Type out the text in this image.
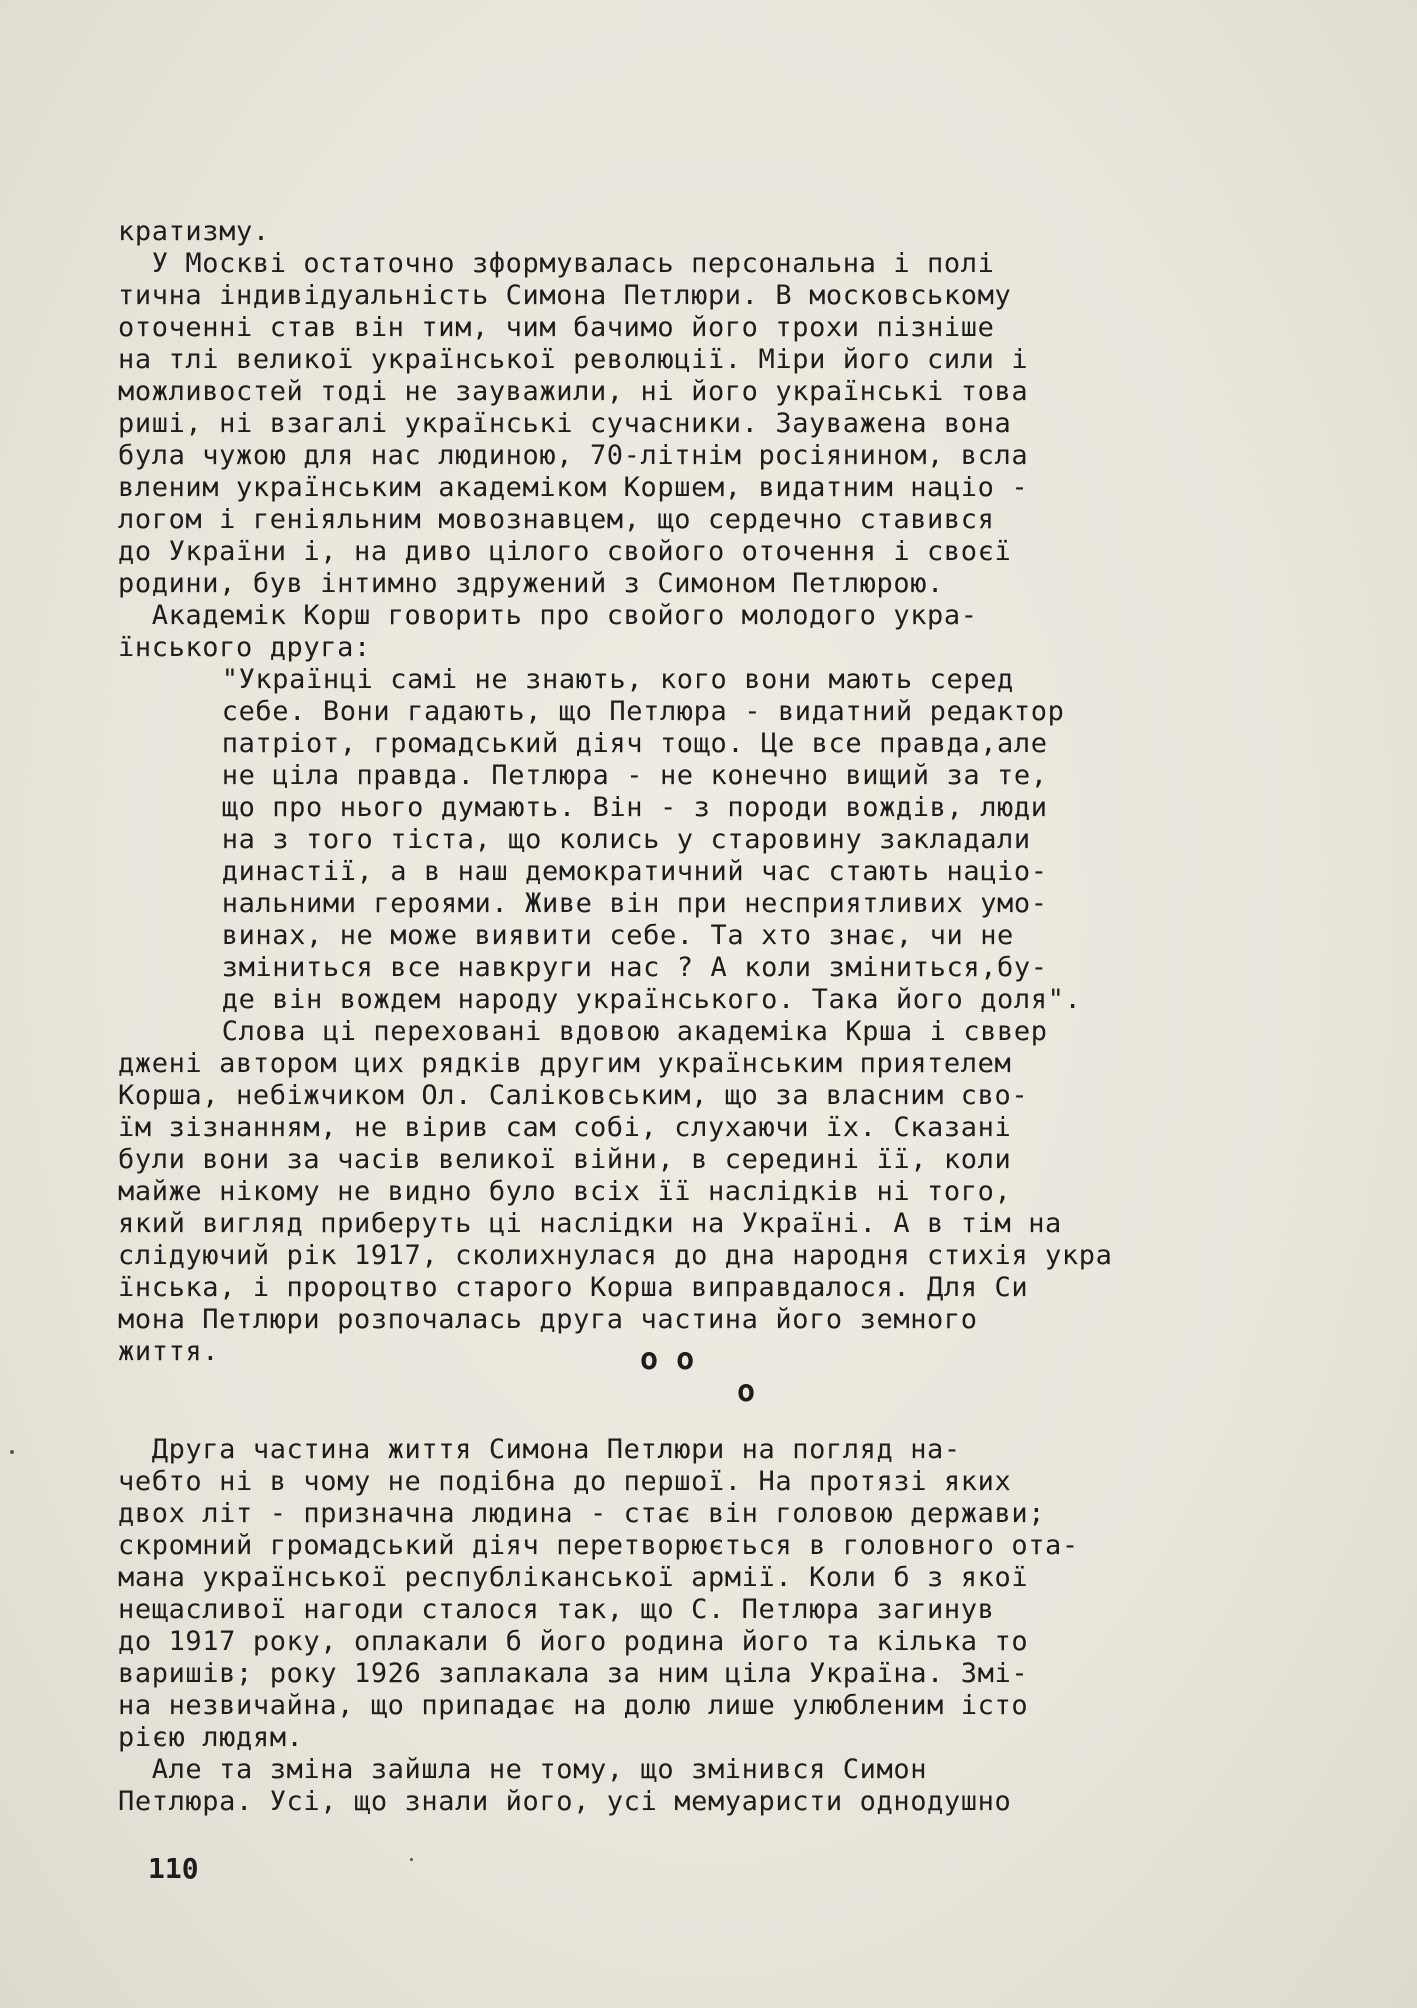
кратизму.
У Москві остаточно зформувалась персональна і полі
тична індивідуальність Симона Петлюри. В московському
оточенні став він тим, чим бачимо його трохи пізніше
на тлі великої української революції. Міри його сили і
можливостей тоді не зауважили, ні його українські това
риші, ні взагалі українські сучасники. Зауважена вона
була чужою для нас людиною, 70-літнім росіянином, всла
вленим українським академіком Коршем, видатним націо -
логом і геніяльним мовознавцем, що сердечно ставився
до України і, на диво цілого свойого оточення і своєї
родини, був інтимно здружений з Симоном Петлюрою.
Академік Корш говорить про свойого молодого укра-
їнського друга:
"Українці самі не знають, кого вони мають серед
себе. Вони гадають, що Петлюра - видатний редактор
патріот, громадський діяч тощо. Це все правда,але
не ціла правда. Петлюра - не конечно вищий за те,
що про нього думають. Він - з породи вождів, люди
на з того тіста, що колись у старовину закладали
династії, а в наш демократичний час стають націо-
нальними героями. Живе він при несприятливих умо-
винах, не може виявити себе. Та хто знає, чи не
зміниться все навкруги нас ? А коли зміниться,бу-
де він вождем народу українського. Така його доля".
Слова ці переховані вдовою академіка Крша і сввер
джені автором цих рядків другим українським приятелем
Корша, небіжчиком Ол. Саліковським, що за власним сво-
їм зізнанням, не вірив сам собі, слухаючи їх. Сказані
були вони за часів великої війни, в середині її, коли
майже нікому не видно було всіх її наслідків ні того,
який вигляд приберуть ці наслідки на Україні. А в тім на
слідуючий рік 1917, сколихнулася до дна народня стихія укра
їнська, і пророцтво старого Корша виправдалося. Для Си
мона Петлюри розпочалась друга частина його земного
життя.	o o
o
Друга частина життя Симона Петлюри на погляд на-
чебто ні в чому не подібна до першої. На протязі яких
двох літ - призначна людина - стає він головою держави;
скромний громадський діяч перетворюється в головного ота-
мана української республіканської армії. Коли б з якої
нещасливої нагоди сталося так, що С. Петлюра загинув
до 1917 року, оплакали б його родина його та кілька то
варишів; року 1926 заплакала за ним ціла Україна. Змі-
на незвичайна, що припадає на долю лише улюбленим істо
рією людям.
Але та зміна зайшла не тому, що змінився Симон
Петлюра. Усі, що знали його, усі мемуаристи однодушно
110
